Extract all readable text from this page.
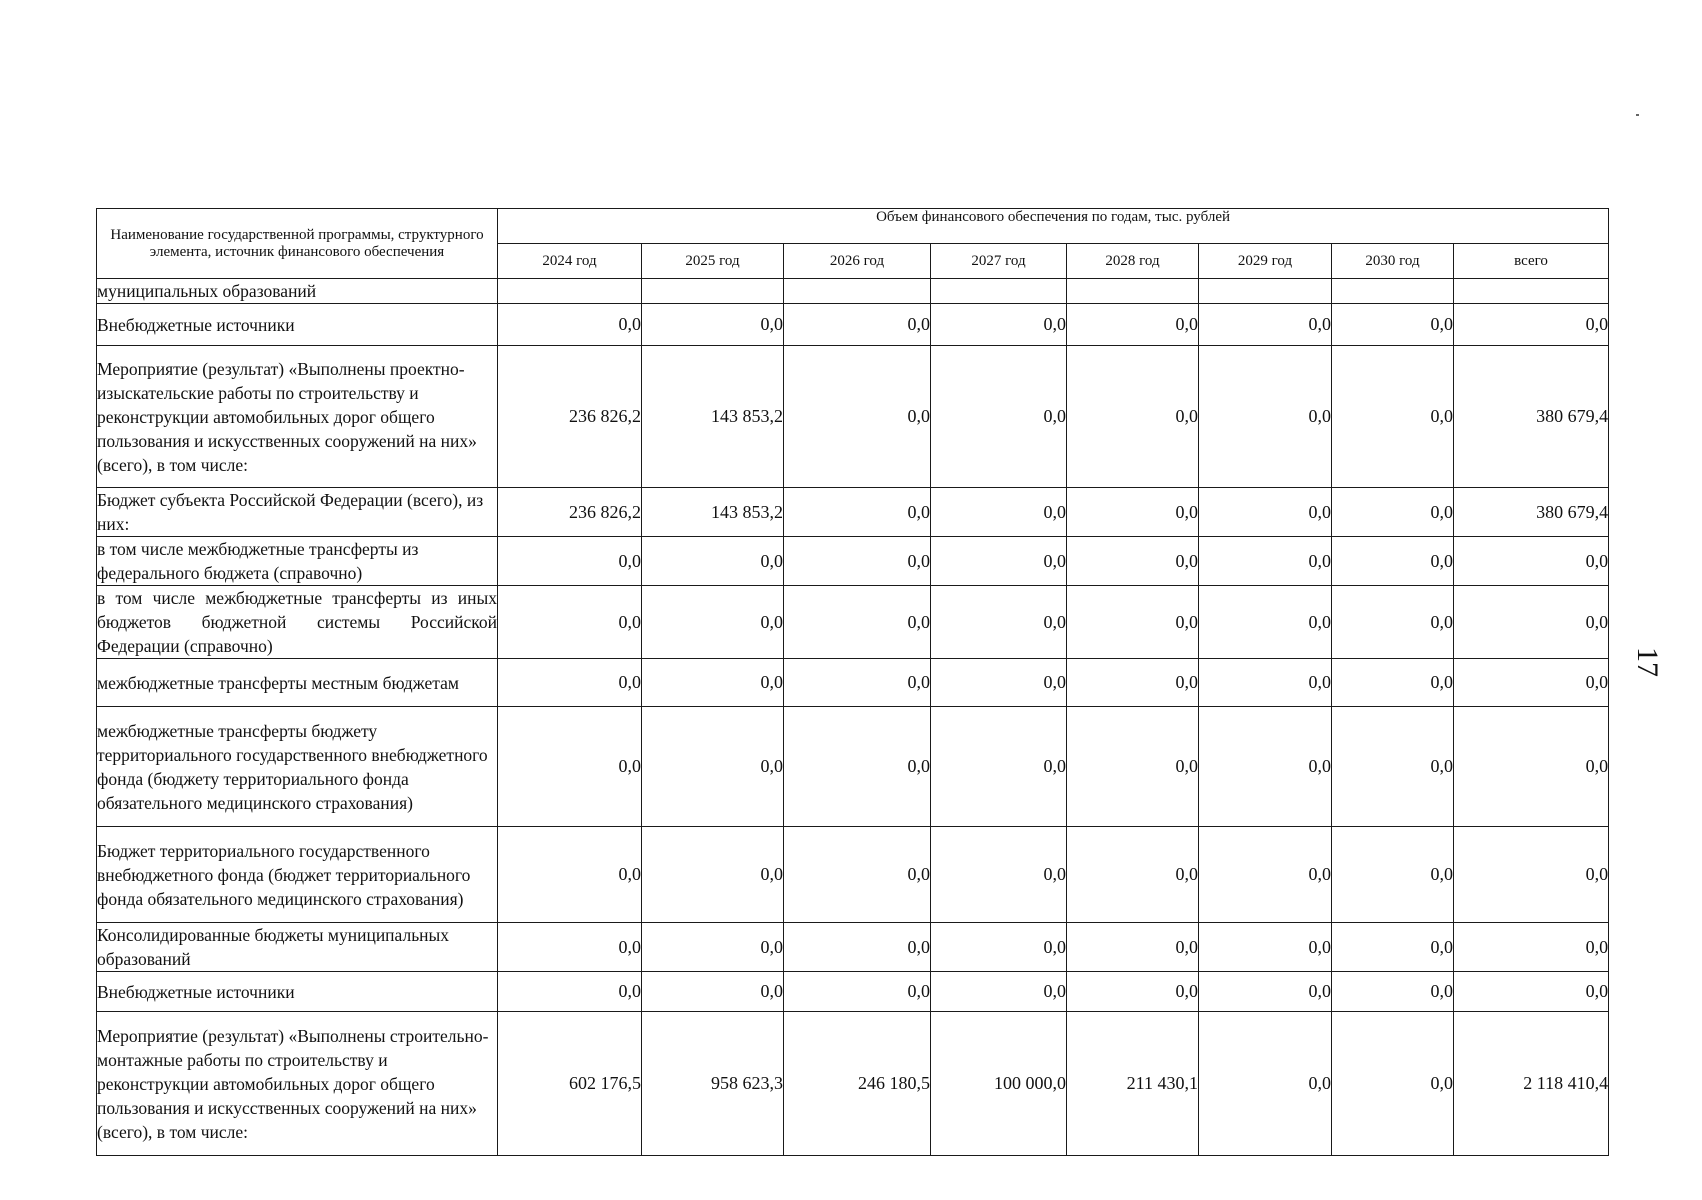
Наименование государственной программы, структурного элемента, источник финансового обеспечения	Объем финансового обеспечения по годам, тыс. рублей							
	2024 год	2025 год	2026 год	2027 год	2028 год	2029 год	2030 год	всего
муниципальных образований								
Внебюджетные источники	0,0	0,0	0,0	0,0	0,0	0,0	0,0	0,0
Мероприятие (результат) «Выполнены проектно-изыскательские работы по строительству и реконструкции автомобильных дорог общего пользования и искусственных сооружений на них» (всего), в том числе:	236 826,2	143 853,2	0,0	0,0	0,0	0,0	0,0	380 679,4
Бюджет субъекта Российской Федерации (всего), из них:	236 826,2	143 853,2	0,0	0,0	0,0	0,0	0,0	380 679,4
в том числе межбюджетные трансферты из федерального бюджета (справочно)	0,0	0,0	0,0	0,0	0,0	0,0	0,0	0,0
в том числе межбюджетные трансферты из иных бюджетов бюджетной системы Российской Федерации (справочно)	0,0	0,0	0,0	0,0	0,0	0,0	0,0	0,0
межбюджетные трансферты местным бюджетам	0,0	0,0	0,0	0,0	0,0	0,0	0,0	0,0
межбюджетные трансферты бюджету территориального государственного внебюджетного фонда (бюджету территориального фонда обязательного медицинского страхования)	0,0	0,0	0,0	0,0	0,0	0,0	0,0	0,0
Бюджет территориального государственного внебюджетного фонда (бюджет территориального фонда обязательного медицинского страхования)	0,0	0,0	0,0	0,0	0,0	0,0	0,0	0,0
Консолидированные бюджеты муниципальных образований	0,0	0,0	0,0	0,0	0,0	0,0	0,0	0,0
Внебюджетные источники	0,0	0,0	0,0	0,0	0,0	0,0	0,0	0,0
Мероприятие (результат) «Выполнены строительно-монтажные работы по строительству и реконструкции автомобильных дорог общего пользования и искусственных сооружений на них» (всего), в том числе:	602 176,5	958 623,3	246 180,5	100 000,0	211 430,1	0,0	0,0	2 118 410,4
17
